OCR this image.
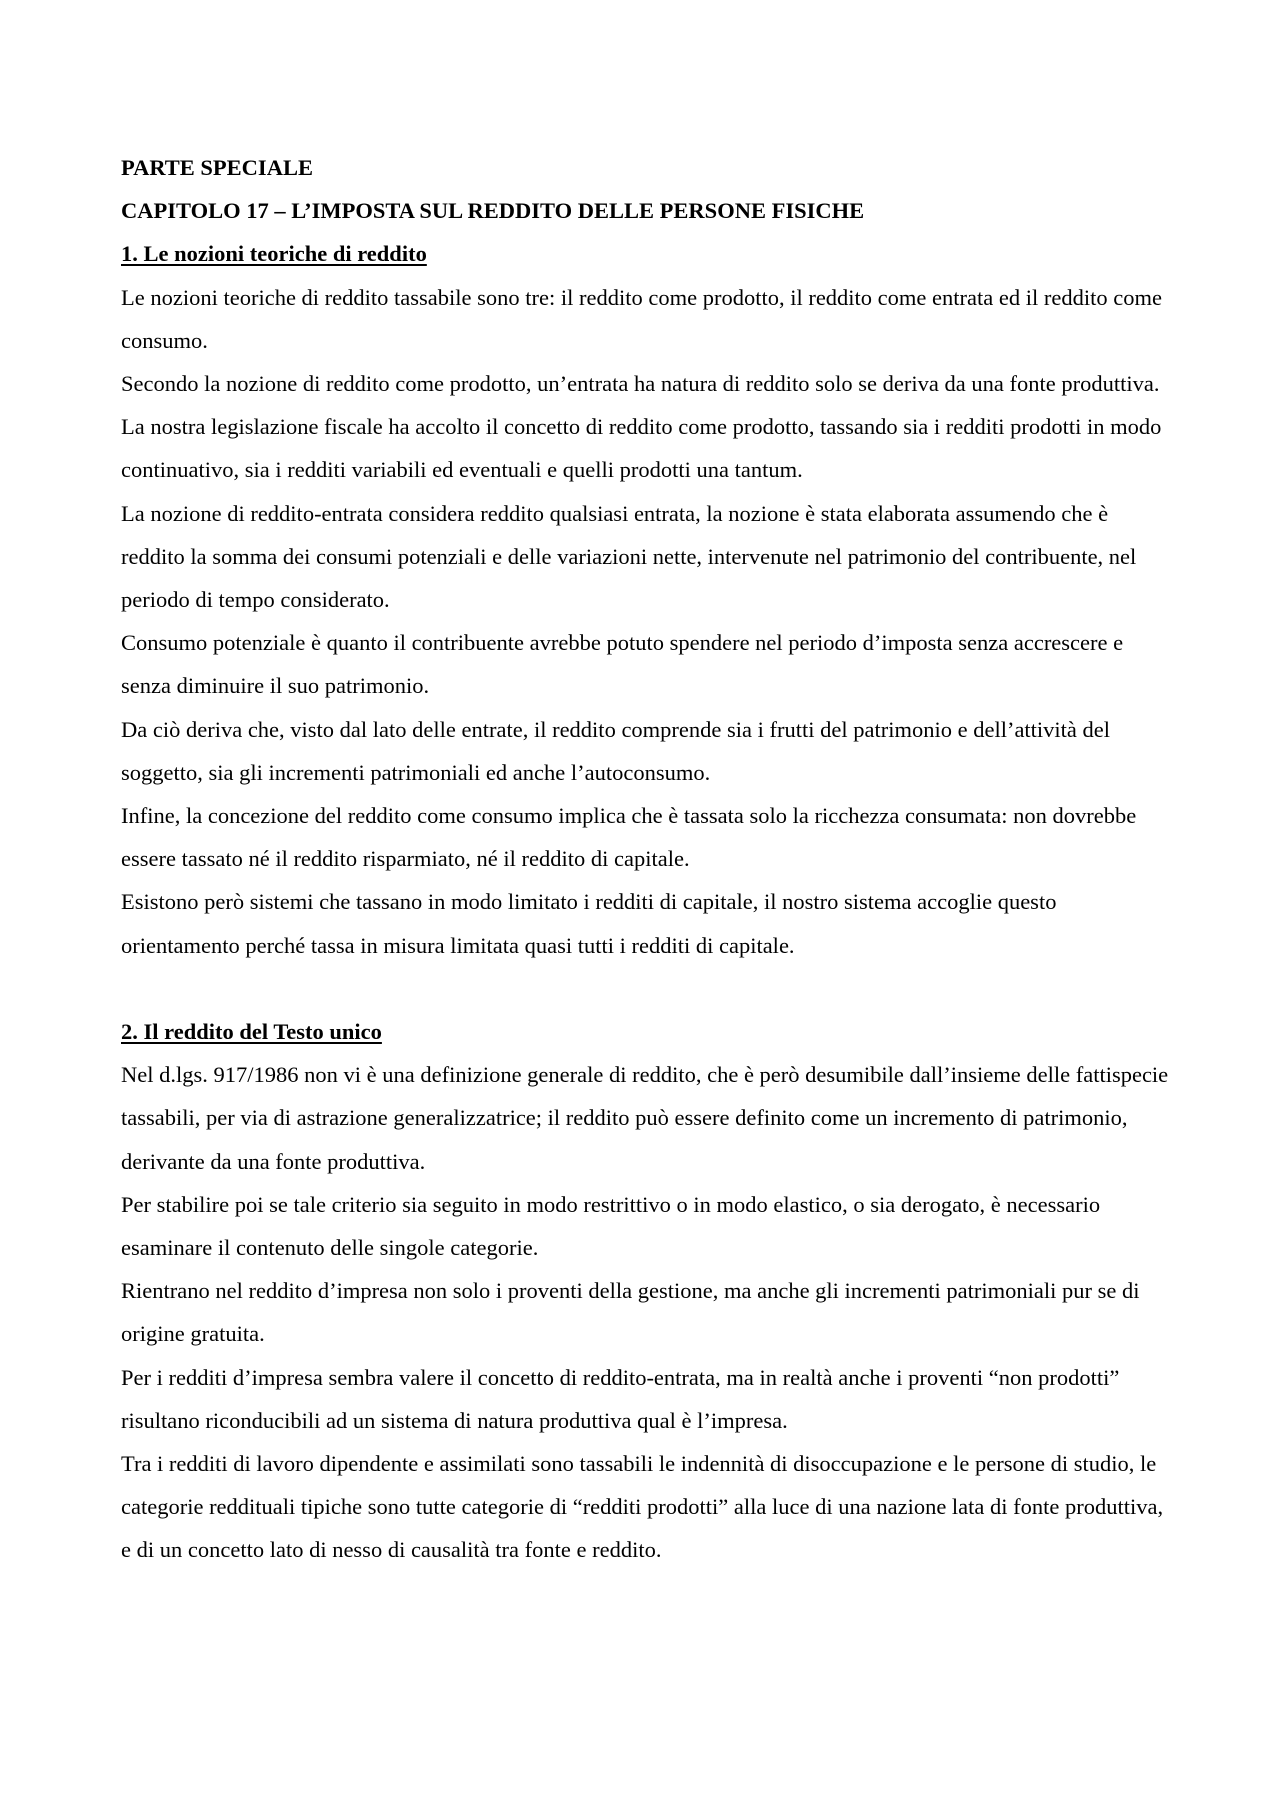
PARTE SPECIALE

CAPITOLO 17 – L’IMPOSTA SUL REDDITO DELLE PERSONE FISICHE

1. Le nozioni teoriche di reddito

Le nozioni teoriche di reddito tassabile sono tre: il reddito come prodotto, il reddito come entrata ed il reddito come consumo.

Secondo la nozione di reddito come prodotto, un’entrata ha natura di reddito solo se deriva da una fonte produttiva.

La nostra legislazione fiscale ha accolto il concetto di reddito come prodotto, tassando sia i redditi prodotti in modo continuativo, sia i redditi variabili ed eventuali e quelli prodotti una tantum.

La nozione di reddito-entrata considera reddito qualsiasi entrata, la nozione è stata elaborata assumendo che è reddito la somma dei consumi potenziali e delle variazioni nette, intervenute nel patrimonio del contribuente, nel periodo di tempo considerato.

Consumo potenziale è quanto il contribuente avrebbe potuto spendere nel periodo d’imposta senza accrescere e senza diminuire il suo patrimonio.

Da ciò deriva che, visto dal lato delle entrate, il reddito comprende sia i frutti del patrimonio e dell’attività del soggetto, sia gli incrementi patrimoniali ed anche l’autoconsumo.

Infine, la concezione del reddito come consumo implica che è tassata solo la ricchezza consumata: non dovrebbe essere tassato né il reddito risparmiato, né il reddito di capitale.

Esistono però sistemi che tassano in modo limitato i redditi di capitale, il nostro sistema accoglie questo orientamento perché tassa in misura limitata quasi tutti i redditi di capitale.

2. Il reddito del Testo unico

Nel d.lgs. 917/1986 non vi è una definizione generale di reddito, che è però desumibile dall’insieme delle fattispecie tassabili, per via di astrazione generalizzatrice; il reddito può essere definito come un incremento di patrimonio, derivante da una fonte produttiva.

Per stabilire poi se tale criterio sia seguito in modo restrittivo o in modo elastico, o sia derogato, è necessario esaminare il contenuto delle singole categorie.

Rientrano nel reddito d’impresa non solo i proventi della gestione, ma anche gli incrementi patrimoniali pur se di origine gratuita.

Per i redditi d’impresa sembra valere il concetto di reddito-entrata, ma in realtà anche i proventi “non prodotti” risultano riconducibili ad un sistema di natura produttiva qual è l’impresa.

Tra i redditi di lavoro dipendente e assimilati sono tassabili le indennità di disoccupazione e le persone di studio, le categorie reddituali tipiche sono tutte categorie di “redditi prodotti” alla luce di una nazione lata di fonte produttiva, e di un concetto lato di nesso di causalità tra fonte e reddito.
